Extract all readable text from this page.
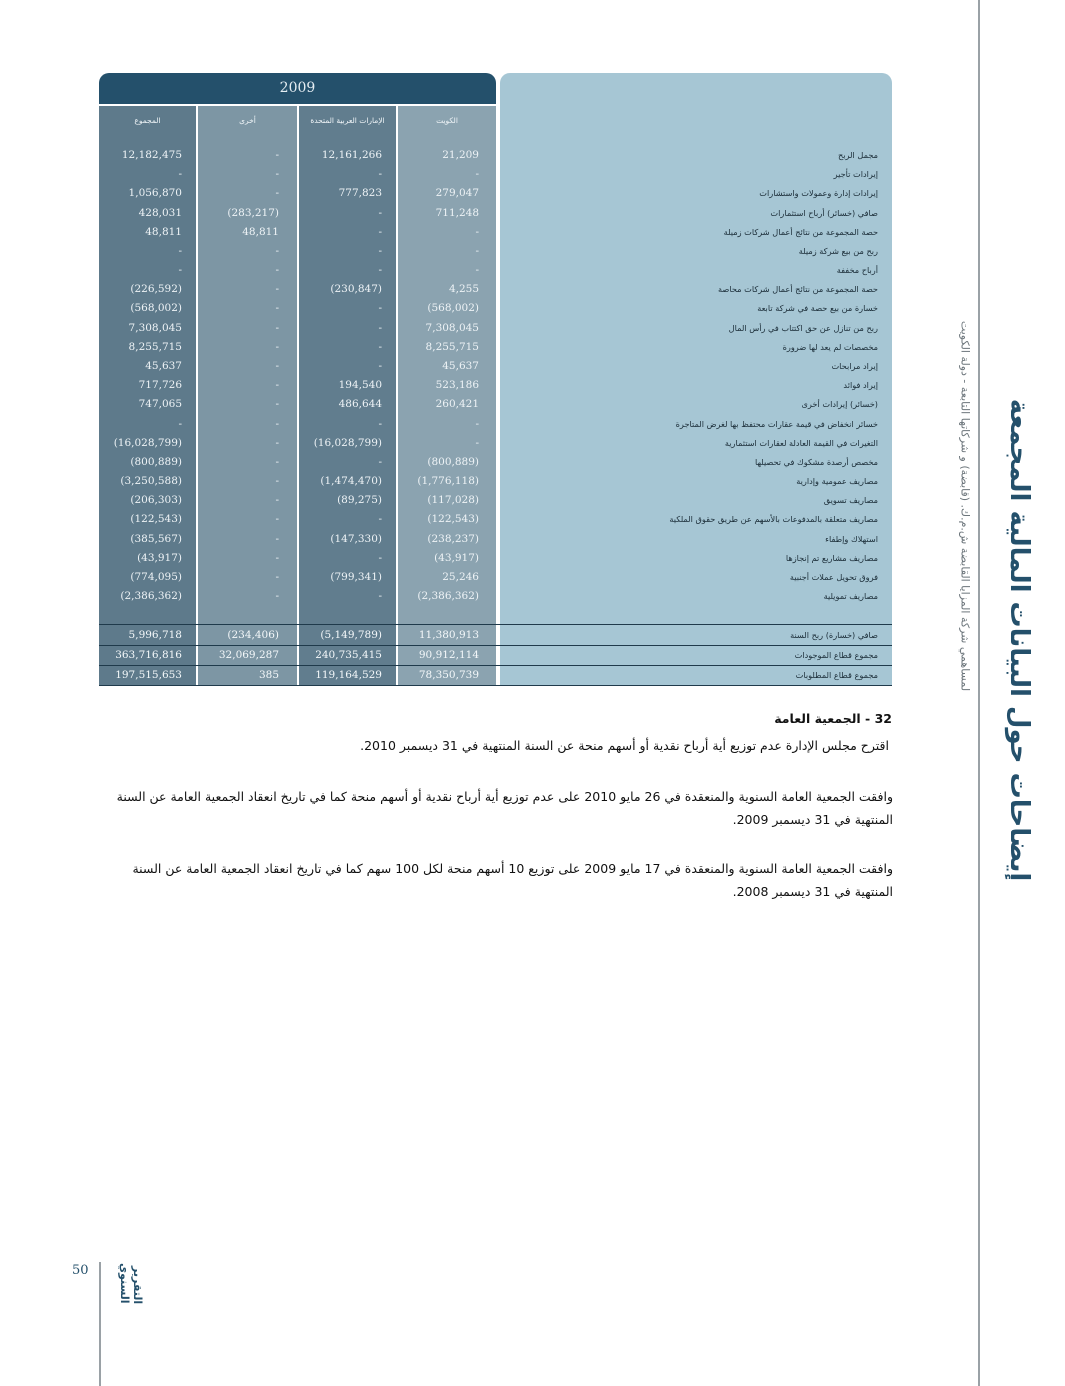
2009
المجموع	أخرى	الإمارات العربية المتحدة	الكويت
12,182,475	-	12,161,266	21,209	مجمل الربح
-	-	-	-	إيرادات تأجير
1,056,870	-	777,823	279,047	إيرادات إدارة وعمولات واستشارات
428,031	(283,217)	-	711,248	صافي (خسائر) أرباح استثمارات
48,811	48,811	-	-	حصة المجموعة من نتائج أعمال شركات زميلة
-	-	-	-	ربح من بيع شركة زميلة
-	-	-	-	أرباح مخففة
(226,592)	-	(230,847)	4,255	حصة المجموعة من نتائج أعمال شركات محاصة
(568,002)	-	-	(568,002)	خسارة من بيع حصة في شركة تابعة
7,308,045	-	-	7,308,045	ربح من تنازل عن حق اكتتاب في رأس المال
8,255,715	-	-	8,255,715	مخصصات لم يعد لها ضرورة
45,637	-	-	45,637	إيراد مرابحات
717,726	-	194,540	523,186	إيراد فوائد
747,065	-	486,644	260,421	(خسائر) إيرادات أخرى
-	-	-	-	خسائر انخفاض في قيمة عقارات محتفظ بها لغرض المتاجرة
(16,028,799)	-	(16,028,799)	-	التغيرات في القيمة العادلة لعقارات استثمارية
(800,889)	-	-	(800,889)	مخصص أرصدة مشكوك في تحصيلها
(3,250,588)	-	(1,474,470)	(1,776,118)	مصاريف عمومية وإدارية
(206,303)	-	(89,275)	(117,028)	مصاريف تسويق
(122,543)	-	-	(122,543)	مصاريف متعلقة بالمدفوعات بالأسهم عن طريق حقوق الملكية
(385,567)	-	(147,330)	(238,237)	استهلاك وإطفاء
(43,917)	-	-	(43,917)	مصاريف مشاريع تم إنجازها
(774,095)	-	(799,341)	25,246	فروق تحويل عملات أجنبية
(2,386,362)	-	-	(2,386,362)	مصاريف تمويلية
5,996,718	(234,406)	(5,149,789)	11,380,913	صافي (خسارة) ربح السنة
363,716,816	32,069,287	240,735,415	90,912,114	مجموع قطاع الموجودات
197,515,653	385	119,164,529	78,350,739	مجموع قطاع المطلوبات
32 - الجمعية العامة
اقترح مجلس الإدارة عدم توزيع أية أرباح نقدية أو أسهم منحة عن السنة المنتهية في 31 ديسمبر 2010.
وافقت الجمعية العامة السنوية والمنعقدة في 26 مايو 2010 على عدم توزيع أية أرباح نقدية أو أسهم منحة كما في تاريخ انعقاد الجمعية العامة عن السنة
المنتهية في 31 ديسمبر 2009.
وافقت الجمعية العامة السنوية والمنعقدة في 17 مايو 2009 على توزيع 10 أسهم منحة لكل 100 سهم كما في تاريخ انعقاد الجمعية العامة عن السنة
المنتهية في 31 ديسمبر 2008.
إيضاحات حول البيانات المالية المجمعة
لمساهمي شركة المزايا القابضة ش.م.ك. (قابضة) و شركاتها التابعة - دولة الكويت
50	التقرير السنوي
